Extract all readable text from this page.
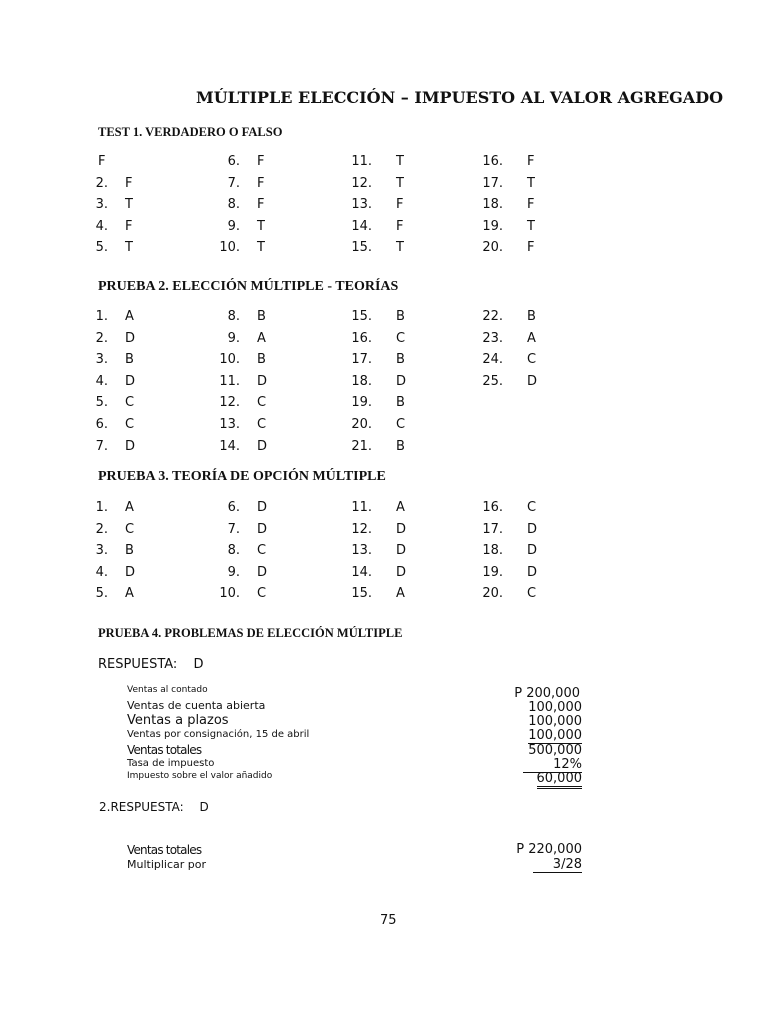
MÚLTIPLE ELECCIÓN – IMPUESTO AL VALOR AGREGADO
TEST 1. VERDADERO O FALSO
F	6. F	11. T	16. F
2. F	7. F	12. T	17. T
3. T	8. F	13. F	18. F
4. F	9. T	14. F	19. T
5. T	10. T	15. T	20. F
PRUEBA 2. ELECCIÓN MÚLTIPLE - TEORÍAS
1. A	8. B	15. B	22. B
2. D	9. A	16. C	23. A
3. B	10. B	17. B	24. C
4. D	11. D	18. D	25. D
5. C	12. C	19. B
6. C	13. C	20. C
7. D	14. D	21. B
PRUEBA 3. TEORÍA DE OPCIÓN MÚLTIPLE
1. A	6. D	11. A	16. C
2. C	7. D	12. D	17. D
3. B	8. C	13. D	18. D
4. D	9. D	14. D	19. D
5. A	10. C	15. A	20. C
PRUEBA 4. PROBLEMAS DE ELECCIÓN MÚLTIPLE
RESPUESTA: D
Ventas al contado	P 200,000
Ventas de cuenta abierta	100,000
Ventas a plazos	100,000
Ventas por consignación, 15 de abril	100,000
Ventas totales	500,000
Tasa de impuesto	12%
Impuesto sobre el valor añadido	60,000
2.RESPUESTA: D
Ventas totales	P 220,000
Multiplicar por	3/28
75
